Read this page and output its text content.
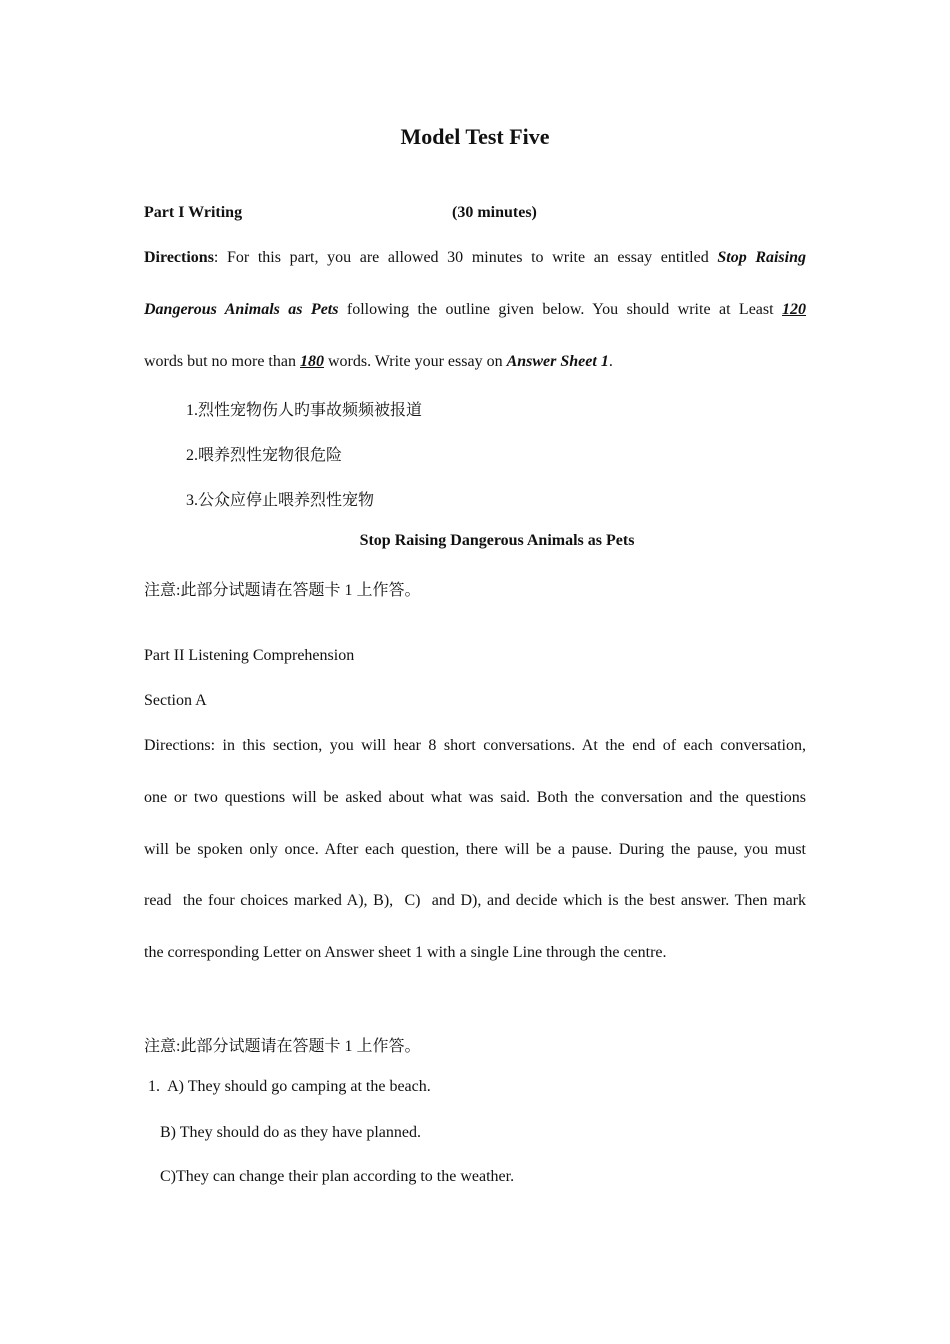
Model Test Five
Part I Writing	(30 minutes)
Directions: For this part, you are allowed 30 minutes to write an essay entitled Stop Raising
Dangerous Animals as Pets following the outline given below. You should write at Least 120
words but no more than 180 words. Write your essay on Answer Sheet 1.
1.烈性宠物伤人旳事故频频被报道
2.喂养烈性宠物很危险
3.公众应停止喂养烈性宠物
Stop Raising Dangerous Animals as Pets
注意:此部分试题请在答题卡 1 上作答。
Part II Listening Comprehension
Section A
Directions: in this section, you will hear 8 short conversations. At the end of each conversation,
one or two questions will be asked about what was said. Both the conversation and the questions
will be spoken only once. After each question, there will be a pause. During the pause, you must
read  the four choices marked A), B),  C)  and D), and decide which is the best answer. Then mark
the corresponding Letter on Answer sheet 1 with a single Line through the centre.
注意:此部分试题请在答题卡 1 上作答。
1.  A) They should go camping at the beach.
B) They should do as they have planned.
C)They can change their plan according to the weather.
